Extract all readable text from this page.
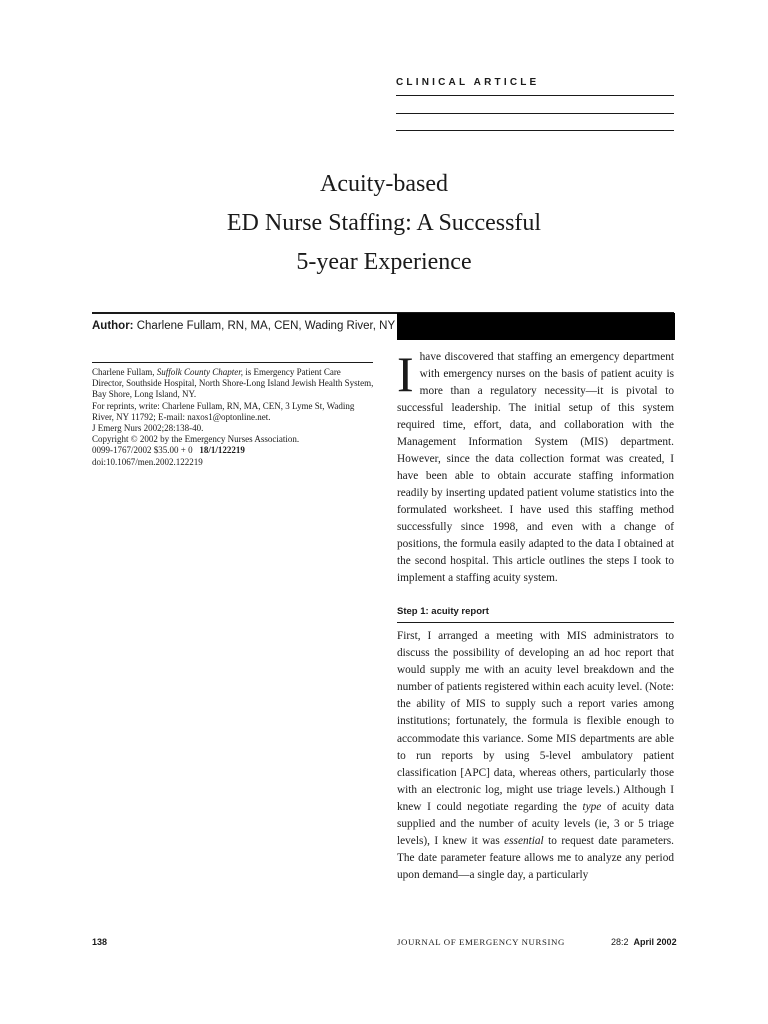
CLINICAL ARTICLE
Acuity-based
ED Nurse Staffing: A Successful
5-year Experience
Author: Charlene Fullam, RN, MA, CEN, Wading River, NY

Charlene Fullam, Suffolk County Chapter, is Emergency Patient Care Director, Southside Hospital, North Shore-Long Island Jewish Health System, Bay Shore, Long Island, NY.

For reprints, write: Charlene Fullam, RN, MA, CEN, 3 Lyme St, Wading River, NY 11792; E-mail: naxos1@optonline.net.

J Emerg Nurs 2002;28:138-40.

Copyright © 2002 by the Emergency Nurses Association.

0099-1767/2002 $35.00 + 0 18/1/122219

doi:10.1067/men.2002.122219

Ihave discovered that staffing an emergency department with emergency nurses on the basis of patient acuity is more than a regulatory necessity—it is pivotal to successful leadership. The initial setup of this system required time, effort, data, and collaboration with the Management Information System (MIS) department. However, since the data collection format was created, I have been able to obtain accurate staffing information readily by inserting updated patient volume statistics into the formulated worksheet. I have used this staffing method successfully since 1998, and even with a change of positions, the formula easily adapted to the data I obtained at the second hospital. This article outlines the steps I took to implement a staffing acuity system.
Step 1: acuity report
First, I arranged a meeting with MIS administrators to discuss the possibility of developing an ad hoc report that would supply me with an acuity level breakdown and the number of patients registered within each acuity level. (Note: the ability of MIS to supply such a report varies among institutions; fortunately, the formula is flexible enough to accommodate this variance. Some MIS departments are able to run reports by using 5-level ambulatory patient classification [APC] data, whereas others, particularly those with an electronic log, might use triage levels.) Although I knew I could negotiate regarding the type of acuity data supplied and the number of acuity levels (ie, 3 or 5 triage levels), I knew it was essential to request date parameters. The date parameter feature allows me to analyze any period upon demand—a single day, a particularly
138	JOURNAL OF EMERGENCY NURSING	28:2 April 2002
